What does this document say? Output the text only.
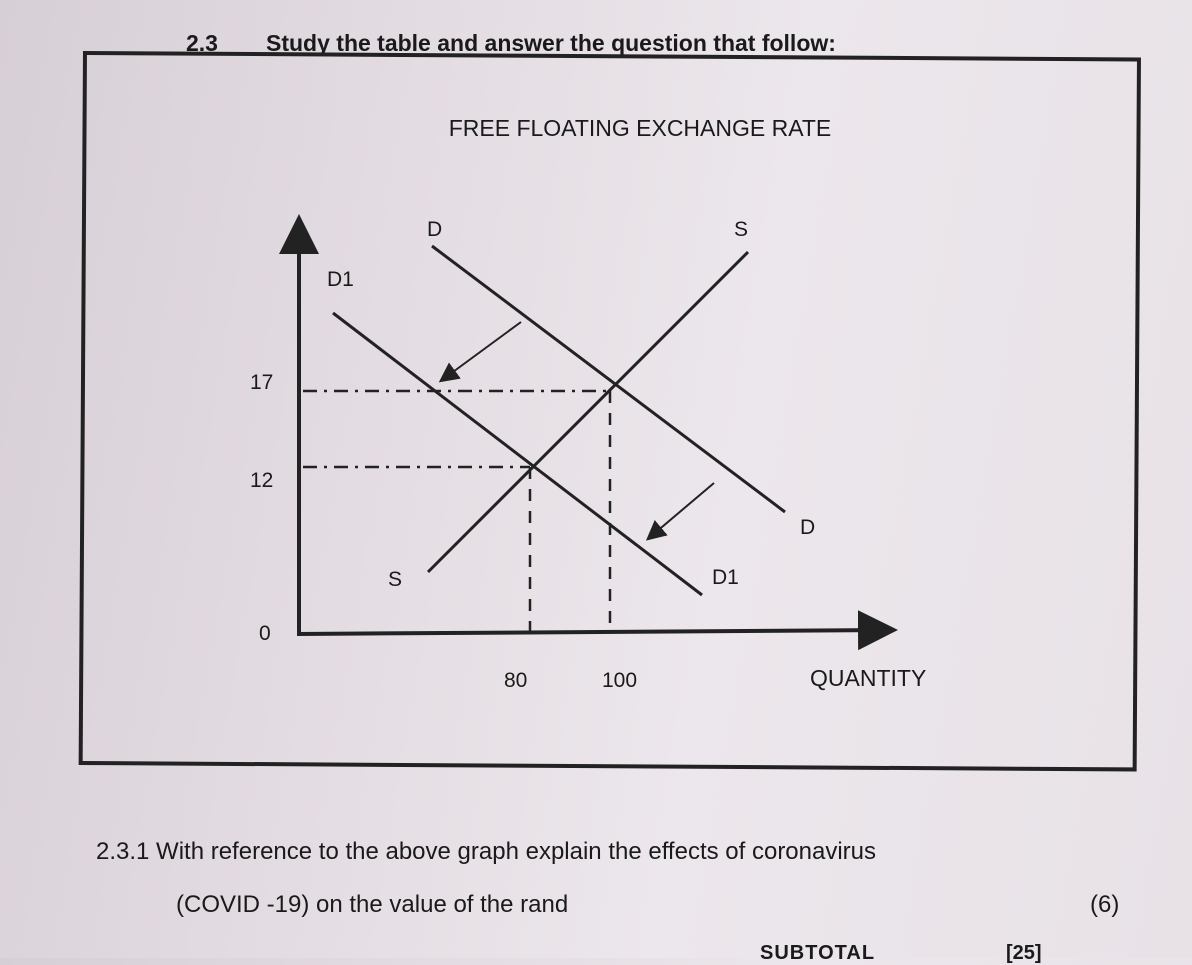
2.3 Study the table and answer the question that follow:
FREE FLOATING EXCHANGE RATE
17
12
0
80	100	QUANTITY
D
D
D1
D1
S
S
2.3.1 With reference to the above graph explain the effects of coronavirus
(COVID -19) on the value of the rand	(6)
SUBTOTAL	[25]
